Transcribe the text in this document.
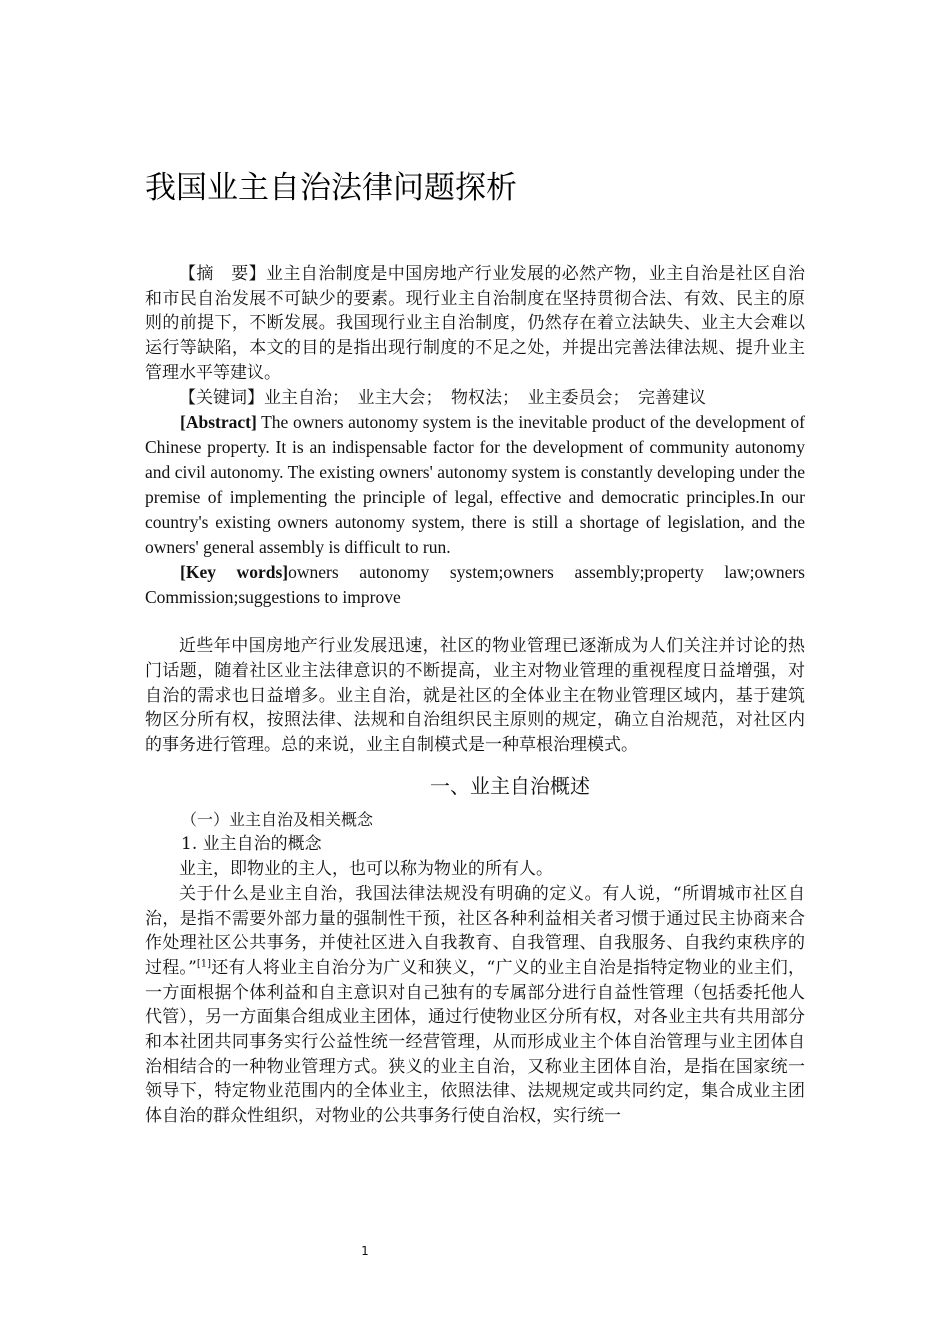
我国业主自治法律问题探析

【摘　要】业主自治制度是中国房地产行业发展的必然产物，业主自治是社区自治和市民自治发展不可缺少的要素。现行业主自治制度在坚持贯彻合法、有效、民主的原则的前提下，不断发展。我国现行业主自治制度，仍然存在着立法缺失、业主大会难以运行等缺陷，本文的目的是指出现行制度的不足之处，并提出完善法律法规、提升业主管理水平等建议。

【关键词】业主自治；　业主大会；　物权法；　业主委员会；　完善建议

[Abstract] The owners autonomy system is the inevitable product of the development of Chinese property. It is an indispensable factor for the development of community autonomy and civil autonomy. The existing owners' autonomy system is constantly developing under the premise of implementing the principle of legal, effective and democratic principles.In our country's existing owners autonomy system, there is still a shortage of legislation, and the owners' general assembly is difficult to run.

[Key words]owners autonomy system;owners assembly;property law;owners Commission;suggestions to improve

近些年中国房地产行业发展迅速，社区的物业管理已逐渐成为人们关注并讨论的热门话题，随着社区业主法律意识的不断提高，业主对物业管理的重视程度日益增强，对自治的需求也日益增多。业主自治，就是社区的全体业主在物业管理区域内，基于建筑物区分所有权，按照法律、法规和自治组织民主原则的规定，确立自治规范，对社区内的事务进行管理。总的来说，业主自制模式是一种草根治理模式。

一、业主自治概述

（一）业主自治及相关概念

1. 业主自治的概念

业主，即物业的主人，也可以称为物业的所有人。

关于什么是业主自治，我国法律法规没有明确的定义。有人说，“所谓城市社区自治，是指不需要外部力量的强制性干预，社区各种利益相关者习惯于通过民主协商来合作处理社区公共事务，并使社区进入自我教育、自我管理、自我服务、自我约束秩序的过程。”[1]还有人将业主自治分为广义和狭义，“广义的业主自治是指特定物业的业主们，一方面根据个体利益和自主意识对自己独有的专属部分进行自益性管理（包括委托他人代管），另一方面集合组成业主团体，通过行使物业区分所有权，对各业主共有共用部分和本社团共同事务实行公益性统一经营管理，从而形成业主个体自治管理与业主团体自治相结合的一种物业管理方式。狭义的业主自治，又称业主团体自治，是指在国家统一领导下，特定物业范围内的全体业主，依照法律、法规规定或共同约定，集合成业主团体自治的群众性组织，对物业的公共事务行使自治权，实行统一

1
